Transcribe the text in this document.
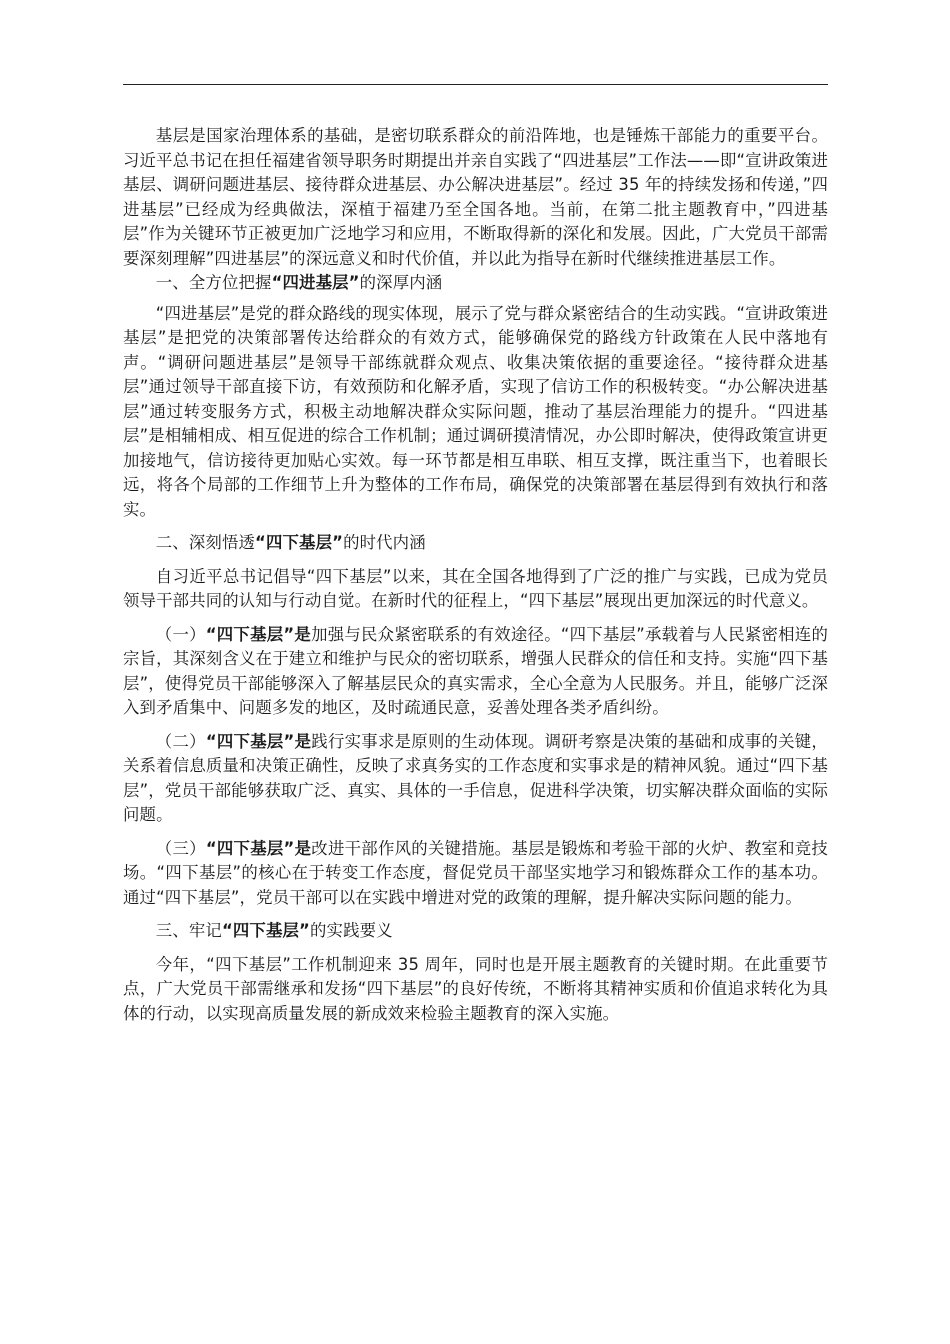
基层是国家治理体系的基础，是密切联系群众的前沿阵地，也是锤炼干部能力的重要平台。习近平总书记在担任福建省领导职务时期提出并亲自实践了“四进基层”工作法——即“宣讲政策进基层、调研问题进基层、接待群众进基层、办公解决进基层”。经过 35 年的持续发扬和传递，”四进基层”已经成为经典做法，深植于福建乃至全国各地。当前，在第二批主题教育中，”四进基层”作为关键环节正被更加广泛地学习和应用，不断取得新的深化和发展。因此，广大党员干部需要深刻理解”四进基层”的深远意义和时代价值，并以此为指导在新时代继续推进基层工作。

一、全方位把握“四进基层”的深厚内涵

“四进基层”是党的群众路线的现实体现，展示了党与群众紧密结合的生动实践。“宣讲政策进基层”是把党的决策部署传达给群众的有效方式，能够确保党的路线方针政策在人民中落地有声。“调研问题进基层”是领导干部练就群众观点、收集决策依据的重要途径。“接待群众进基层”通过领导干部直接下访，有效预防和化解矛盾，实现了信访工作的积极转变。“办公解决进基层”通过转变服务方式，积极主动地解决群众实际问题，推动了基层治理能力的提升。“四进基层”是相辅相成、相互促进的综合工作机制；通过调研摸清情况，办公即时解决，使得政策宣讲更加接地气，信访接待更加贴心实效。每一环节都是相互串联、相互支撑，既注重当下，也着眼长远，将各个局部的工作细节上升为整体的工作布局，确保党的决策部署在基层得到有效执行和落实。

二、深刻悟透“四下基层”的时代内涵

自习近平总书记倡导“四下基层”以来，其在全国各地得到了广泛的推广与实践，已成为党员领导干部共同的认知与行动自觉。在新时代的征程上，“四下基层”展现出更加深远的时代意义。

（一）“四下基层”是加强与民众紧密联系的有效途径。“四下基层”承载着与人民紧密相连的宗旨，其深刻含义在于建立和维护与民众的密切联系，增强人民群众的信任和支持。实施“四下基层”，使得党员干部能够深入了解基层民众的真实需求，全心全意为人民服务。并且，能够广泛深入到矛盾集中、问题多发的地区，及时疏通民意，妥善处理各类矛盾纠纷。

（二）“四下基层”是践行实事求是原则的生动体现。调研考察是决策的基础和成事的关键，关系着信息质量和决策正确性，反映了求真务实的工作态度和实事求是的精神风貌。通过“四下基层”，党员干部能够获取广泛、真实、具体的一手信息，促进科学决策，切实解决群众面临的实际问题。

（三）“四下基层”是改进干部作风的关键措施。基层是锻炼和考验干部的火炉、教室和竞技场。“四下基层”的核心在于转变工作态度，督促党员干部坚实地学习和锻炼群众工作的基本功。通过“四下基层”，党员干部可以在实践中增进对党的政策的理解，提升解决实际问题的能力。

三、牢记“四下基层”的实践要义

今年，“四下基层”工作机制迎来 35 周年，同时也是开展主题教育的关键时期。在此重要节点，广大党员干部需继承和发扬“四下基层”的良好传统，不断将其精神实质和价值追求转化为具体的行动，以实现高质量发展的新成效来检验主题教育的深入实施。
